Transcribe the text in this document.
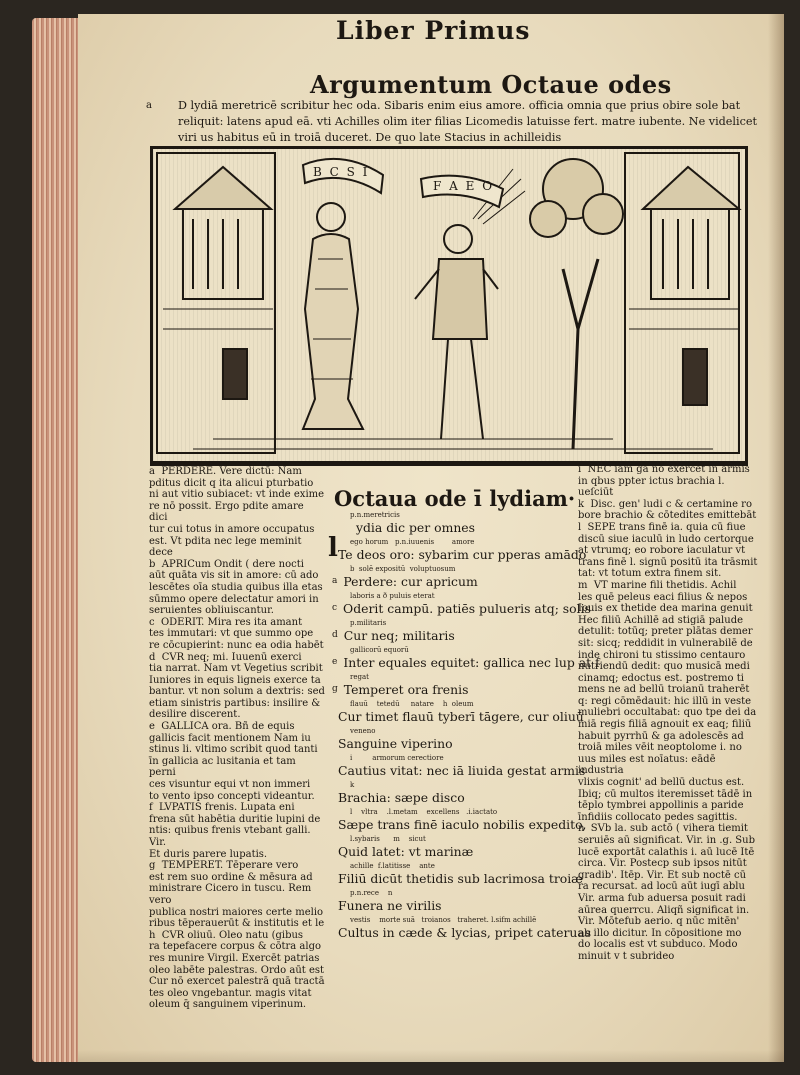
Liber Primus
Argumentum Octaue odes
a	D lydiā meretricē scribitur hec oda. Sibaris enim eius amore. officia omnia que prius obire sole bat reliquit: latens apud eā. vti Achilles olim iter filias Licomedis latuisse fert. matre iubente. Ne videlicet viri us habitus eū in troiā duceret. De quo late Stacius in achilleidis
B C S I
F A E O

a  PERDERE. Vere dictū: Nam
pditus dicit q ita alicui pturbatio
ni aut vitio subiacet: vt inde exime
re nō possit. Ergo pdite amare dici
tur cui totus in amore occupatus
est. Vt pdita nec lege meminit dece
b  APRICum Ondit ( dere nocti
aūt quāta vis sit in amore: cū ado
lescētes oīa studia quibus illa etas
sūmmo opere delectatur amori in
seruientes obliuiscantur.
c  ODERIT. Mira res ita amant
tes immutari: vt que summo ope
re cōcupierint: nunc ea odia habēt
d  CVR neq; mi. Iuuenū exerci
tia narrat. Nam vt Vegetius scribit
Iuniores in equis ligneis exerce ta
bantur. vt non solum a dextris: sed
etiam sinistris partibus: insilire &
desilire discerent.
e  GALLICA ora. Bñ de equis
gallicis facit mentionem Nam iu
stinus li. vltimo scribit quod tanti
īn gallicia ac lusitania et tam perni
ces visuntur equi vt non immeri
to vento ipso concepti videantur.
f  LVPATIS frenis. Lupata eni
frena sūt habētia duritie lupini de
ntis: quibus frenis vtebant galli. Vir.
Et duris parere lupatis.
g  TEMPERET. Tēperare vero
est rem suo ordine & mēsura ad
ministrare Cicero in tuscu. Rem vero
publica nostri maiores certe melio
ribus tēperauerūt & institutis et le
h  CVR oliuū. Oleo natu (gibus
ra tepefacere corpus & cōtra algo
res munire Virgil. Exercēt patrias
oleo labēte palestras. Ordo aūt est
Cur nō exercet palestrā quā tractā
tes oleo vngebantur. magis vitat
oleum q̄ sanguinem viperinum.

Octaua ode ī lydiam·
l
p.n.meretricis
ydia dic per omnes
ego horum   p.n.iuuenis        amore
Te deos oro: sybarim cur pperas amādo
b  solē expositū  voluptuosum
$^a$ Perdere: cur apricum
laboris a ð puluis eterat
$^c$ Oderit campū. patiēs pulueris atq; solis
p.militaris
$^d$ Cur neq; militaris
gallicorū equorū
$^e$ Inter equales equitet: gallica nec lup at f
regat
$^g$ Temperet ora frenis
flauū    tetedū     natare    h  oleum
Cur timet flauū tyberī tāgere, cur oliuū
veneno
Sanguine viperino
i         armorum cerectiore
Cautius vitat: nec iā liuida gestat armis
k
Brachia: sæpe disco
l    vltra    .l.metam    excellens   .i.iactato
Sæpe trans finē iaculo nobilis expedito,
l.sybaris      m    sicut
Quid latet: vt marinæ
achille  f.latitisse    ante
Filiū dicūt thetidis sub lacrimosa troiæ
p.n.rece    n
Funera ne virilis
vestis    morte suā   troianos   traheret. l.sifm achillē
Cultus in cæde & lycias, pripet cateruas

i  NEC iam ga nō exercet in armis
in qbus ppter ictus brachia l. ueſciūt
k  Disc. gen' ludi c & certamine ro
bore brachio & cōtedites emittebāt
l  SEPE trans finē ia. quia cū fiue
discū siue iaculū in ludo certorque
at vtrumq; eo robore iaculatur vt
trans finē l. signū positū ita trāsmit
tat: vt totum extra finem sit.
m  VT marine fili thetidis. Achil
les quē peleus eaci filius & nepos
Iouis ex thetide dea marina genuit
Hec filiū Achillē ad stigiā palude
detulit: totūq; preter plātas demer
sit: sicq; reddidit in vulnerabilē de
inde chironi tu stissimo centauro
nutriendū dedit: quo musicā medi
cinamq; edoctus est. postremo ti
mens ne ad bellū troianū traherēt
q: regi cōmēdauit: hic illū in veste
muliebri occultabat: quo tpe dei da
miā regis filiā agnouit ex eaq; filiū
habuit pyrrhū & ga adolescēs ad
troiā miles vēit neoptolome i. no
uus miles est noīatus: eādē industria
vlixis cognit' ad bellū ductus est.
Ibiq; cū multos iteremisset tādē in
tēplo tymbrei appollinis a paride
īnfidiis collocato pedes sagittis.
n  SVb la. sub actō ( vihera tiemit
seruiēs aū significat. Vir. in .g. Sub
lucē exportāt calathis i. aū lucē Itē
circa. Vir. Postecp sub ipsos nitūt
gradib'. Itēp. Vir. Et sub noctē cū
ra recursat. ad locū aūt iugī ablu
Vir. arma fub aduersa posuit radi
aūrea querrcu. Aliqñ significat in.
Vir. Mōtefub aerio. q nūc mitēn'
ab illo dicitur. In cōpositione mo
do localis est vt subduco. Modo
minuit v t subrideo
